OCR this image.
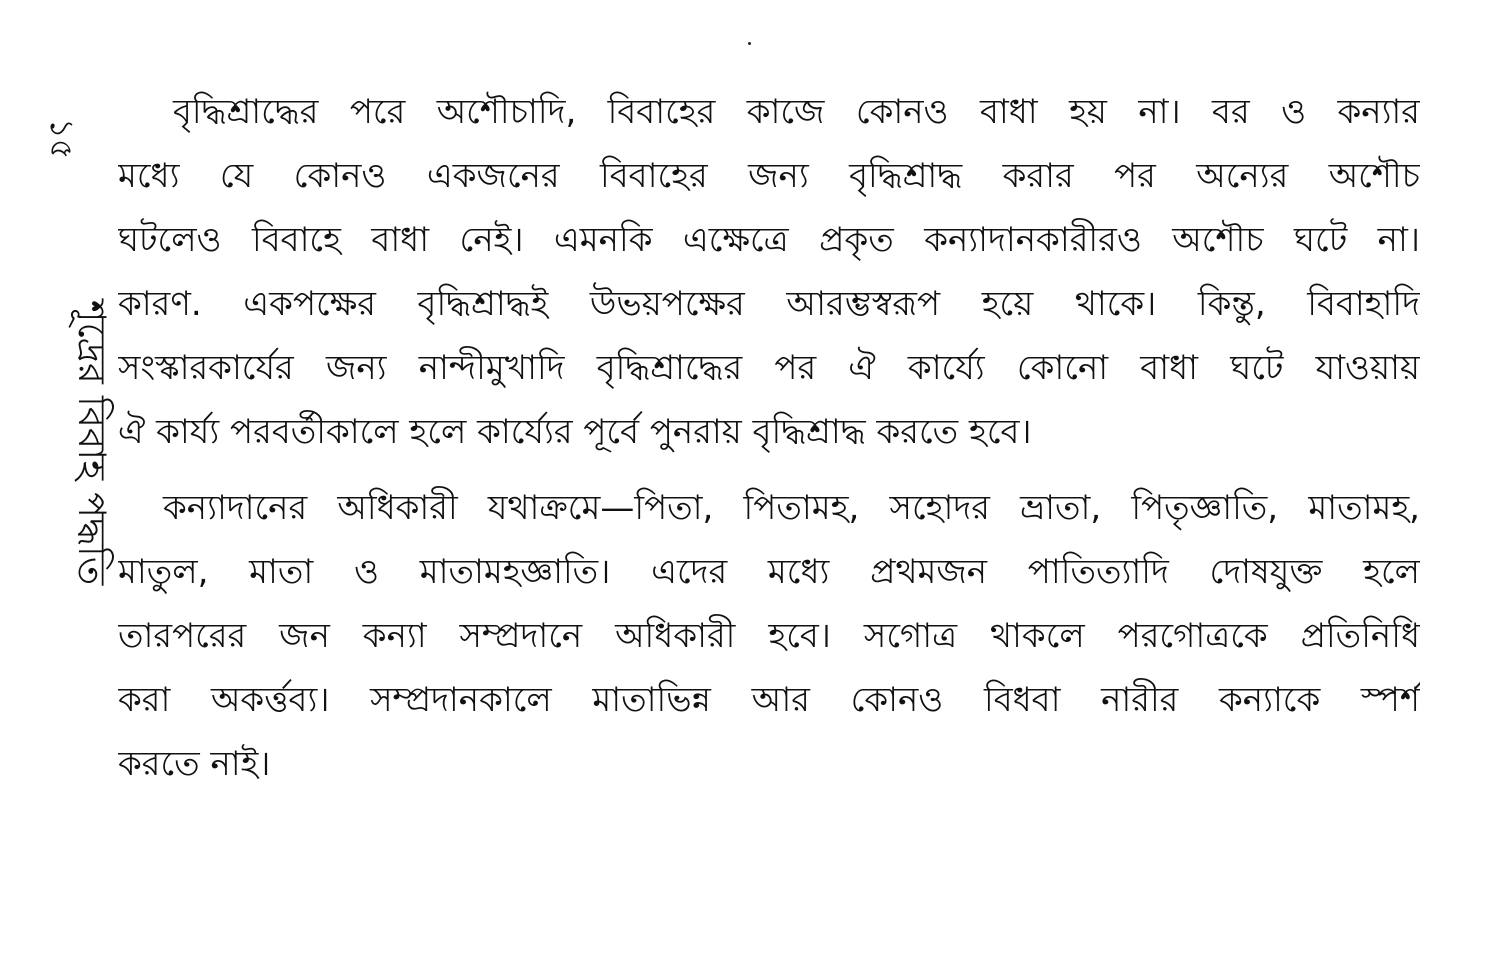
১৫
শূদ্রের বিবাহ পদ্ধতি
বৃদ্ধিশ্রাদ্ধের পরে অশৌচাদি, বিবাহের কাজে কোনও বাধা হয় না। বর ও কন্যার
মধ্যে যে কোনও একজনের বিবাহের জন্য বৃদ্ধিশ্রাদ্ধ করার পর অন্যের অশৌচ
ঘটলেও বিবাহে বাধা নেই। এমনকি এক্ষেত্রে প্রকৃত কন্যাদানকারীরও অশৌচ ঘটে না।
কারণ. একপক্ষের বৃদ্ধিশ্রাদ্ধই উভয়পক্ষের আরম্ভস্বরূপ হয়ে থাকে। কিন্তু, বিবাহাদি
সংস্কারকার্যের জন্য নান্দীমুখাদি বৃদ্ধিশ্রাদ্ধের পর ঐ কার্য্যে কোনো বাধা ঘটে যাওয়ায়
ঐ কার্য্য পরবর্তীকালে হলে কার্য্যের পূর্বে পুনরায় বৃদ্ধিশ্রাদ্ধ করতে হবে।
কন্যাদানের অধিকারী যথাক্রমে—পিতা, পিতামহ, সহোদর ভ্রাতা, পিতৃজ্ঞাতি, মাতামহ,
মাতুল, মাতা ও মাতামহজ্ঞাতি। এদের মধ্যে প্রথমজন পাতিত্যাদি দোষযুক্ত হলে
তারপরের জন কন্যা সম্প্রদানে অধিকারী হবে। সগোত্র থাকলে পরগোত্রকে প্রতিনিধি
করা অকর্ত্তব্য। সম্প্রদানকালে মাতাভিন্ন আর কোনও বিধবা নারীর কন্যাকে স্পর্শ
করতে নাই।
